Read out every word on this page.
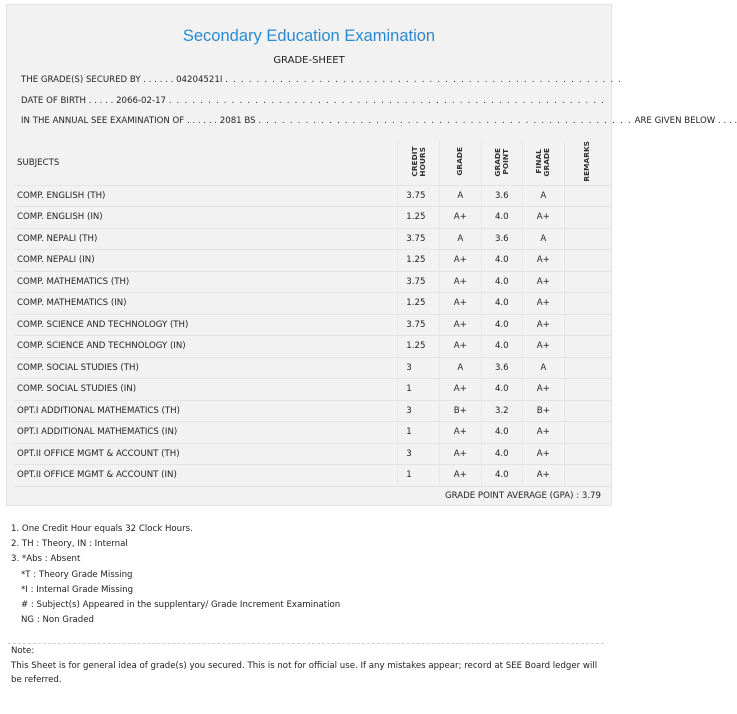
Secondary Education Examination
GRADE-SHEET
THE GRADE(S) SECURED BY . . . . . . 04204521I . . . . . . . . . . . . . . . . . . . . . . . . . . . . . . . . . . . . . . . . . . . . . . . . . . .
DATE OF BIRTH . . . . . 2066-02-17 . . . . . . . . . . . . . . . . . . . . . . . . . . . . . . . . . . . . . . . . . . . . . . . . . . . . . . . .
IN THE ANNUAL SEE EXAMINATION OF . . . . . . 2081 BS . . . . . . . . . . . . . . . . . . . . . . . . . . . . . . . . . . . . . . . . . . . . . . . . ARE GIVEN BELOW . . . .
SUBJECTS	CREDIT HOURS	GRADE	GRADE POINT	FINAL GRADE	REMARKS
COMP. ENGLISH (TH)	3.75	A	3.6	A	
COMP. ENGLISH (IN)	1.25	A+	4.0	A+	
COMP. NEPALI (TH)	3.75	A	3.6	A	
COMP. NEPALI (IN)	1.25	A+	4.0	A+	
COMP. MATHEMATICS (TH)	3.75	A+	4.0	A+	
COMP. MATHEMATICS (IN)	1.25	A+	4.0	A+	
COMP. SCIENCE AND TECHNOLOGY (TH)	3.75	A+	4.0	A+	
COMP. SCIENCE AND TECHNOLOGY (IN)	1.25	A+	4.0	A+	
COMP. SOCIAL STUDIES (TH)	3	A	3.6	A	
COMP. SOCIAL STUDIES (IN)	1	A+	4.0	A+	
OPT.I ADDITIONAL MATHEMATICS (TH)	3	B+	3.2	B+	
OPT.I ADDITIONAL MATHEMATICS (IN)	1	A+	4.0	A+	
OPT.II OFFICE MGMT & ACCOUNT (TH)	3	A+	4.0	A+	
OPT.II OFFICE MGMT & ACCOUNT (IN)	1	A+	4.0	A+	
GRADE POINT AVERAGE (GPA) : 3.79
1. One Credit Hour equals 32 Clock Hours.
2. TH : Theory, IN : Internal
3. *Abs : Absent
*T : Theory Grade Missing
*I : Internal Grade Missing
# : Subject(s) Appeared in the supplentary/ Grade Increment Examination
NG : Non Graded
Note:
This Sheet is for general idea of grade(s) you secured. This is not for official use. If any mistakes appear; record at SEE Board ledger will be referred.
